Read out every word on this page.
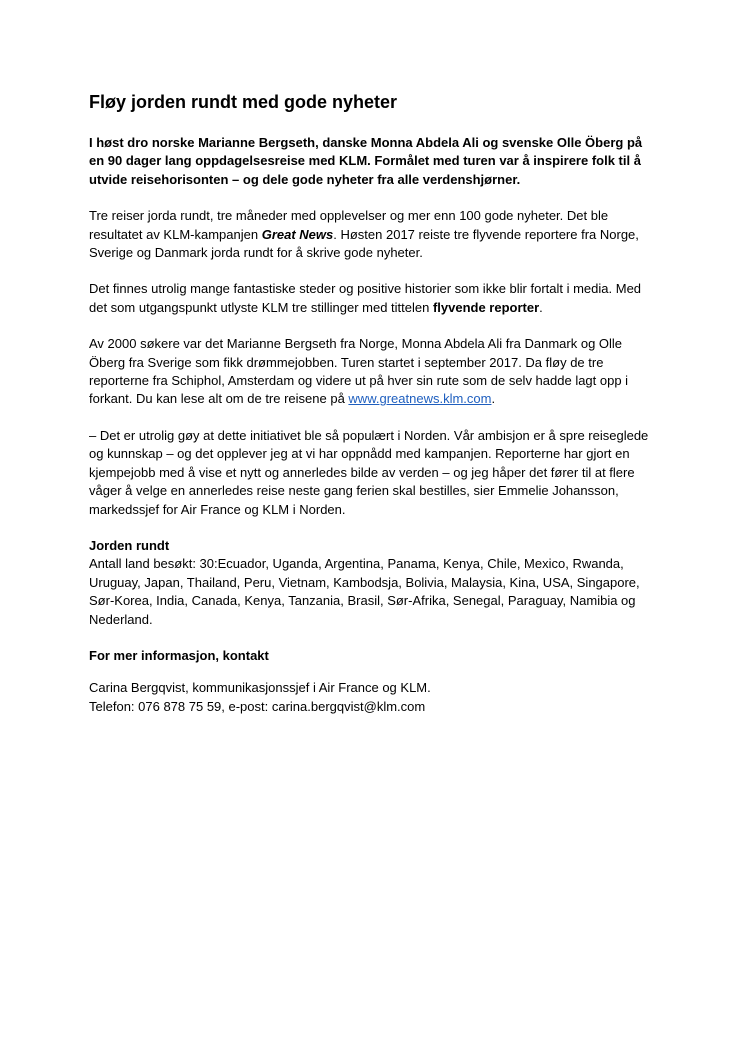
Fløy jorden rundt med gode nyheter

I høst dro norske Marianne Bergseth, danske Monna Abdela Ali og svenske Olle Öberg på en 90 dager lang oppdagelsesreise med KLM. Formålet med turen var å inspirere folk til å utvide reisehorisonten – og dele gode nyheter fra alle verdenshjørner.

Tre reiser jorda rundt, tre måneder med opplevelser og mer enn 100 gode nyheter. Det ble resultatet av KLM-kampanjen Great News. Høsten 2017 reiste tre flyvende reportere fra Norge, Sverige og Danmark jorda rundt for å skrive gode nyheter.

Det finnes utrolig mange fantastiske steder og positive historier som ikke blir fortalt i media. Med det som utgangspunkt utlyste KLM tre stillinger med tittelen flyvende reporter.

Av 2000 søkere var det Marianne Bergseth fra Norge, Monna Abdela Ali fra Danmark og Olle Öberg fra Sverige som fikk drømmejobben. Turen startet i september 2017. Da fløy de tre reporterne fra Schiphol, Amsterdam og videre ut på hver sin rute som de selv hadde lagt opp i forkant. Du kan lese alt om de tre reisene på www.greatnews.klm.com.

– Det er utrolig gøy at dette initiativet ble så populært i Norden. Vår ambisjon er å spre reiseglede og kunnskap – og det opplever jeg at vi har oppnådd med kampanjen. Reporterne har gjort en kjempejobb med å vise et nytt og annerledes bilde av verden – og jeg håper det fører til at flere våger å velge en annerledes reise neste gang ferien skal bestilles, sier Emmelie Johansson, markedssjef for Air France og KLM i Norden.

Jorden rundt

Antall land besøkt: 30:Ecuador, Uganda, Argentina, Panama, Kenya, Chile, Mexico, Rwanda, Uruguay, Japan, Thailand, Peru, Vietnam, Kambodsja, Bolivia, Malaysia, Kina, USA, Singapore, Sør-Korea, India, Canada, Kenya, Tanzania, Brasil, Sør-Afrika, Senegal, Paraguay, Namibia og Nederland.

For mer informasjon, kontakt

Carina Bergqvist, kommunikasjonssjef i Air France og KLM.

Telefon: 076 878 75 59, e-post: carina.bergqvist@klm.com
